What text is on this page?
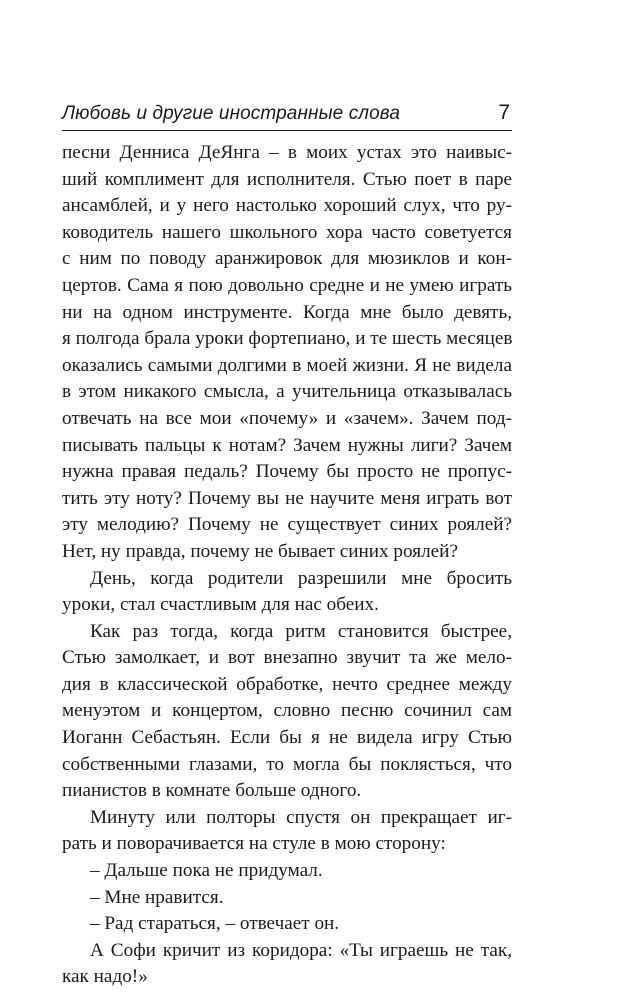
Любовь и другие иностранные слова	7
песни Денниса ДеЯнга – в моих устах это наивыс-
ший комплимент для исполнителя. Стью поет в паре
ансамблей, и у него настолько хороший слух, что ру-
ководитель нашего школьного хора часто советуется
с ним по поводу аранжировок для мюзиклов и кон-
цертов. Сама я пою довольно средне и не умею играть
ни на одном инструменте. Когда мне было девять,
я полгода брала уроки фортепиано, и те шесть месяцев
оказались самыми долгими в моей жизни. Я не видела
в этом никакого смысла, а учительница отказывалась
отвечать на все мои «почему» и «зачем». Зачем под-
писывать пальцы к нотам? Зачем нужны лиги? Зачем
нужна правая педаль? Почему бы просто не пропус-
тить эту ноту? Почему вы не научите меня играть вот
эту мелодию? Почему не существует синих роялей?
Нет, ну правда, почему не бывает синих роялей?
День, когда родители разрешили мне бросить
уроки, стал счастливым для нас обеих.
Как раз тогда, когда ритм становится быстрее,
Стью замолкает, и вот внезапно звучит та же мело-
дия в классической обработке, нечто среднее между
менуэтом и концертом, словно песню сочинил сам
Иоганн Себастьян. Если бы я не видела игру Стью
собственными глазами, то могла бы поклясться, что
пианистов в комнате больше одного.
Минуту или полторы спустя он прекращает иг-
рать и поворачивается на стуле в мою сторону:
– Дальше пока не придумал.
– Мне нравится.
– Рад стараться, – отвечает он.
А Софи кричит из коридора: «Ты играешь не так,
как надо!»
